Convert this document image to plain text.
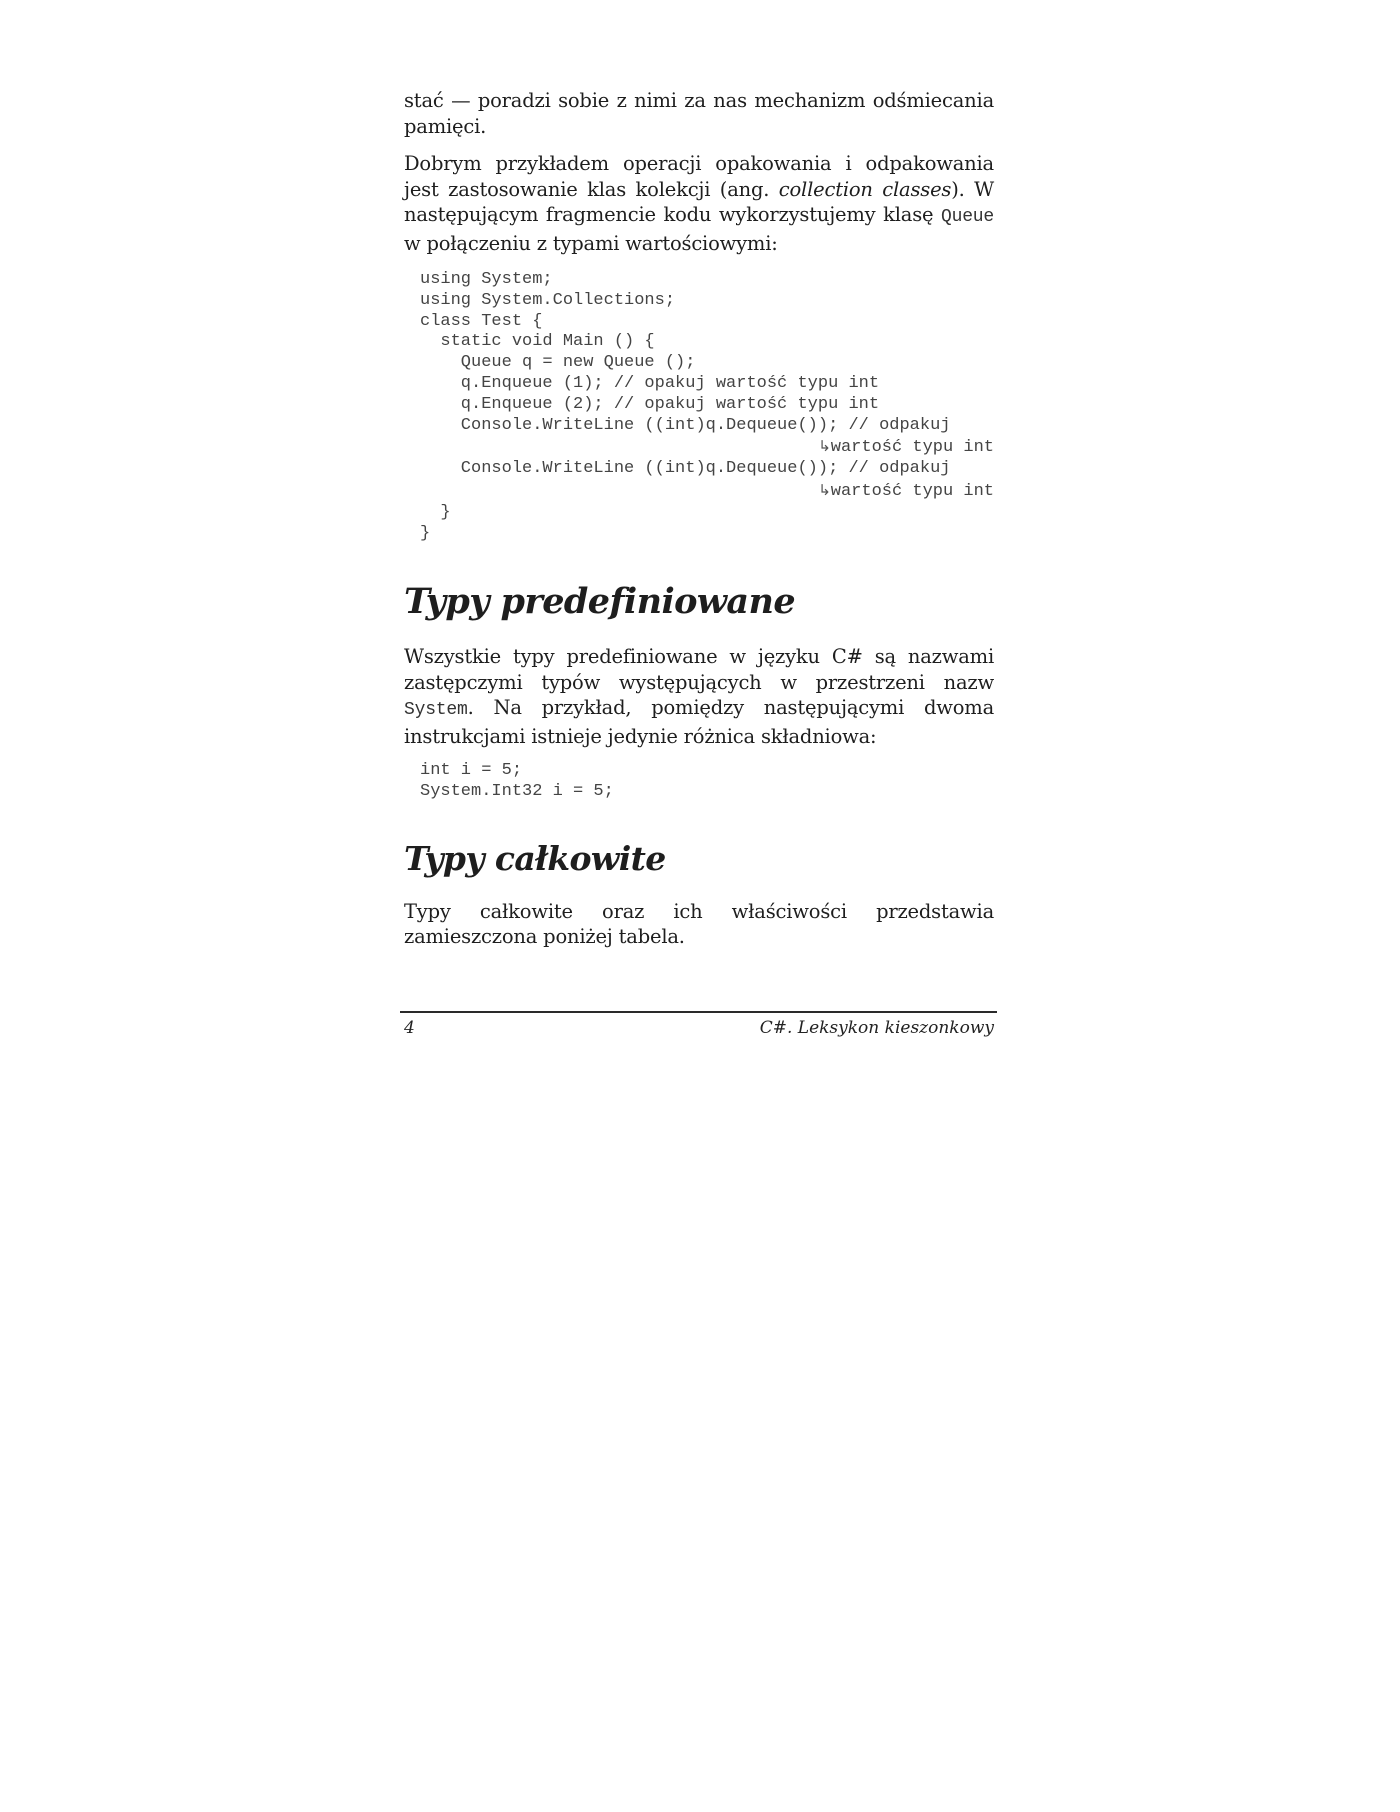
stać — poradzi sobie z nimi za nas mechanizm odśmiecania pamięci.

Dobrym przykładem operacji opakowania i odpakowania jest zastosowanie klas kolekcji (ang. collection classes). W następującym fragmencie kodu wykorzystujemy klasę Queue w połączeniu z typami wartościowymi:

using System;
using System.Collections;
class Test {
static void Main () {
Queue q = new Queue ();
q.Enqueue (1); // opakuj wartość typu int
q.Enqueue (2); // opakuj wartość typu int
Console.WriteLine ((int)q.Dequeue()); // odpakuj
↳wartość typu int
Console.WriteLine ((int)q.Dequeue()); // odpakuj
↳wartość typu int
}
}
Typy predefiniowane

Wszystkie typy predefiniowane w języku C# są nazwami zastępczymi typów występujących w przestrzeni nazw System. Na przykład, pomiędzy następującymi dwoma instrukcjami istnieje jedynie różnica składniowa:

int i = 5;
System.Int32 i = 5;
Typy całkowite

Typy całkowite oraz ich właściwości przedstawia zamieszczona poniżej tabela.

4	C#. Leksykon kieszonkowy
